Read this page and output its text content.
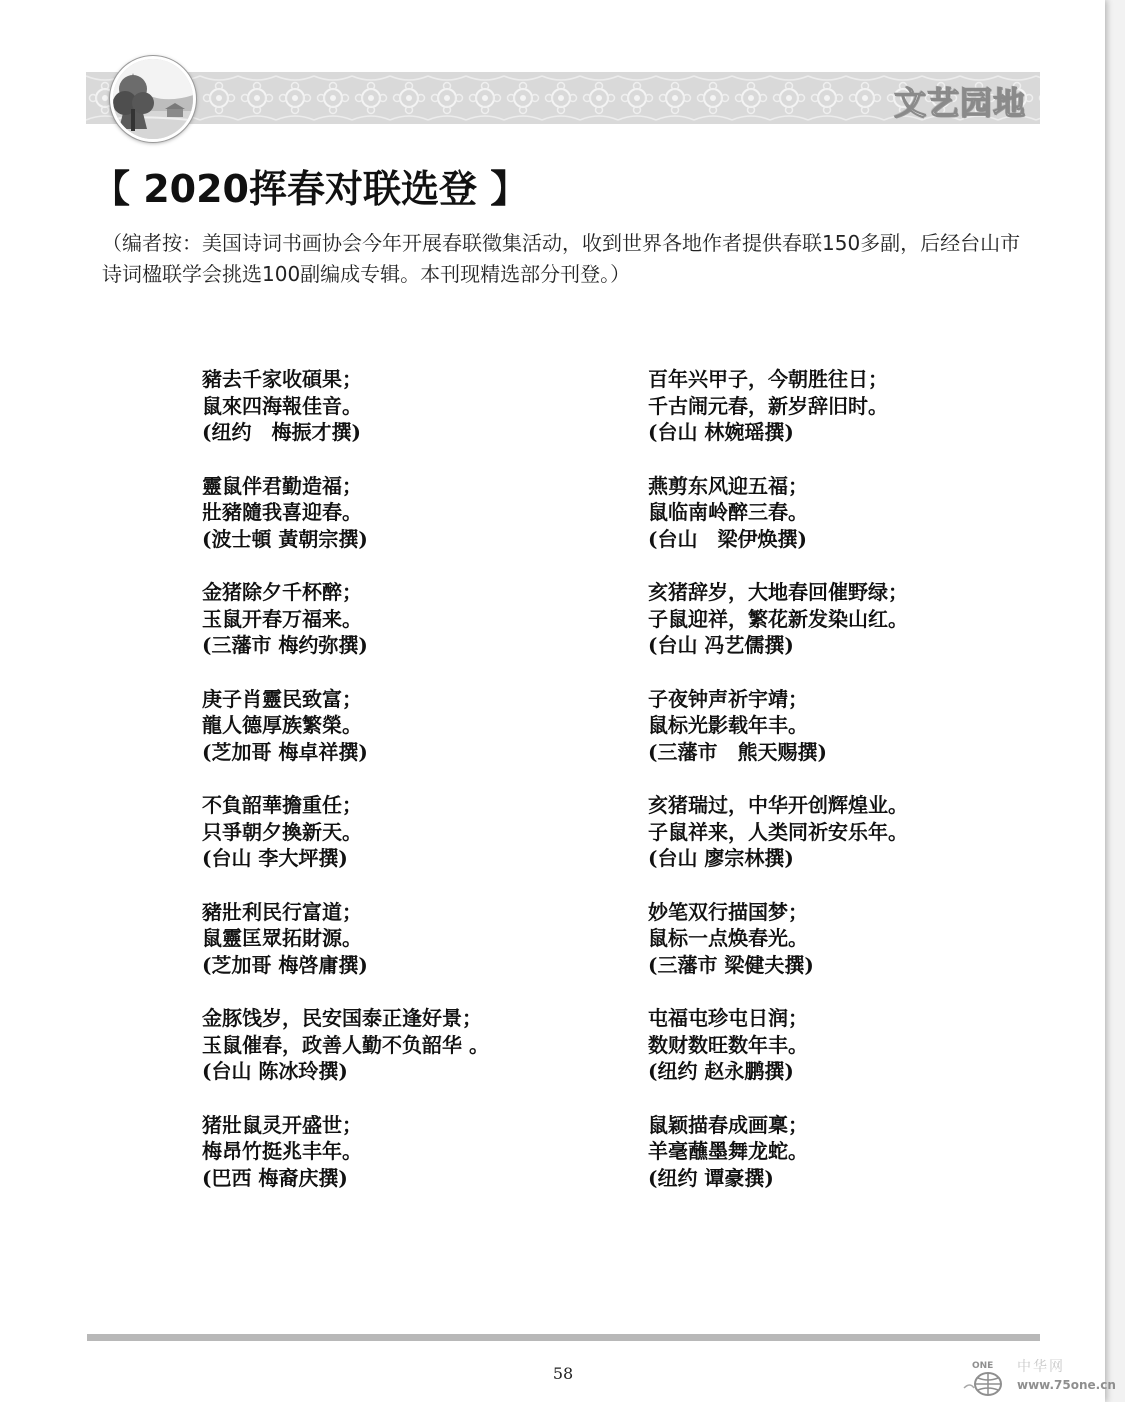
文艺园地
【 2020挥春对联选登 】
（编者按：美国诗词书画协会今年开展春联徵集活动，收到世界各地作者提供春联150多副，后经台山市诗词楹联学会挑选100副编成专辑。本刊现精选部分刊登。）
豬去千家收碩果；
鼠來四海報佳音。
(纽约　梅振才撰)
靈鼠伴君勤造福；
壯豬隨我喜迎春。
(波士頓 黃朝宗撰)
金猪除夕千杯醉；
玉鼠开春万福来。
(三藩市 梅约弥撰)
庚子肖靈民致富；
龍人德厚族繁榮。
(芝加哥 梅卓祥撰)
不負韶華擔重任；
只爭朝夕換新天。
(台山 李大坪撰)
豬壯利民行富道；
鼠靈匡眾拓財源。
(芝加哥 梅啓庸撰)
金豚饯岁，民安国泰正逢好景；
玉鼠催春，政善人勤不负韶华 。
(台山 陈冰玲撰)
猪壯鼠灵开盛世；
梅昂竹挺兆丰年。
(巴西 梅裔庆撰)
百年兴甲子，今朝胜往日；
千古闹元春，新岁辞旧时。
(台山 林婉瑶撰)
燕剪东风迎五福；
鼠临南岭醉三春。
(台山　梁伊焕撰)
亥猪辞岁，大地春回催野绿；
子鼠迎祥，繁花新发染山红。
(台山 冯艺儒撰)
子夜钟声祈宇靖；
鼠标光影载年丰。
(三藩市　熊天赐撰)
亥猪瑞过，中华开创辉煌业。
子鼠祥来，人类同祈安乐年。
(台山 廖宗林撰)
妙笔双行描国梦；
鼠标一点焕春光。
(三藩市 梁健夫撰)
屯福屯珍屯日润；
数财数旺数年丰。
(纽约 赵永鹏撰)
鼠颖描春成画稟；
羊毫蘸墨舞龙蛇。
(纽约 谭豪撰)
58	ONE 中华网
www.75one.cn
